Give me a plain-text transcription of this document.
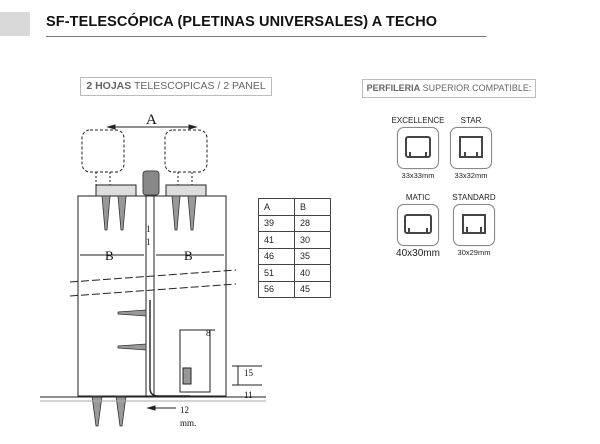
SF-TELESCÓPICA (PLETINAS UNIVERSALES) A TECHO
2 HOJAS TELESCOPICAS / 2 PANEL	PERFILERIA SUPERIOR COMPATIBLE:
A
B	B
1
1
8
15
11
12
mm.
A	B
39	28
41	30
46	35
51	40
56	45
EXCELLENCE
33x33mm
STAR
33x32mm
MATIC
40x30mm
STANDARD
30x29mm
